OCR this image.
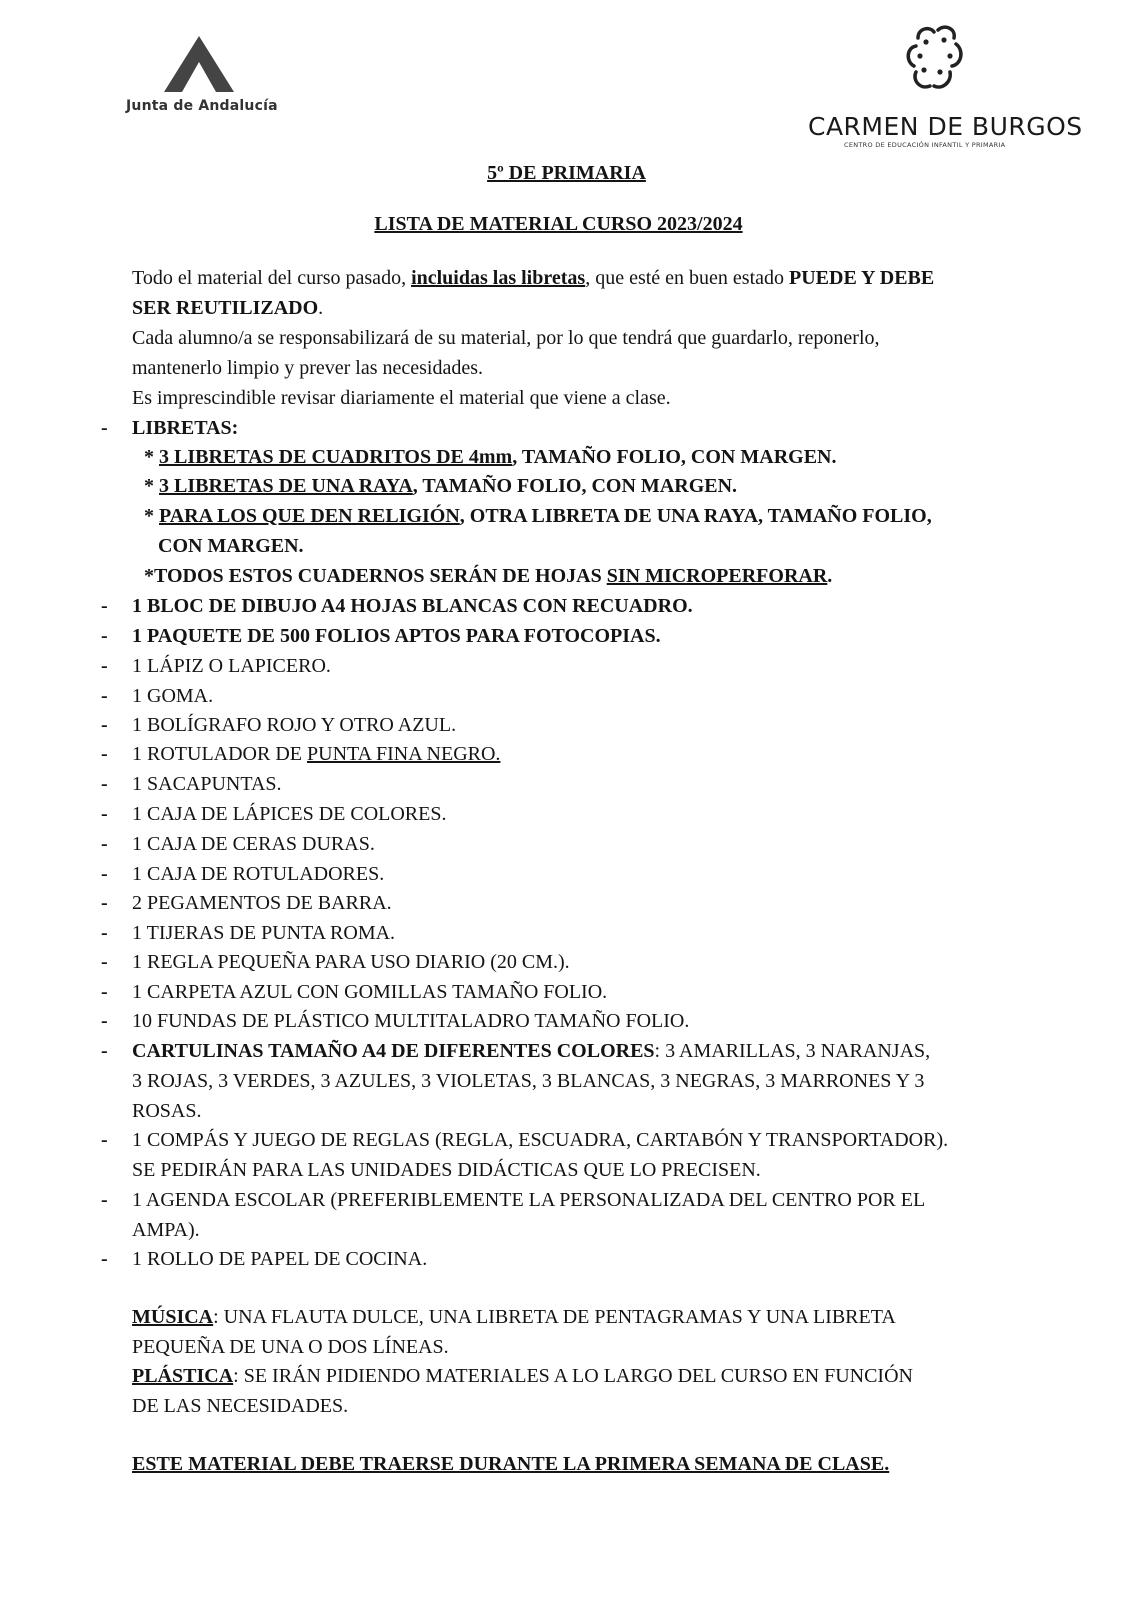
Junta de Andalucía
CARMEN DE BURGOS
CENTRO DE EDUCACIÓN INFANTIL Y PRIMARIA
5º DE PRIMARIA
LISTA DE MATERIAL CURSO 2023/2024
Todo el material del curso pasado, incluidas las libretas, que esté en buen estado PUEDE Y DEBE
SER REUTILIZADO.
Cada alumno/a se responsabilizará de su material, por lo que tendrá que guardarlo, reponerlo,
mantenerlo limpio y prever las necesidades.
Es imprescindible revisar diariamente el material que viene a clase.
- LIBRETAS:
* 3 LIBRETAS DE CUADRITOS DE 4mm, TAMAÑO FOLIO, CON MARGEN.
* 3 LIBRETAS DE UNA RAYA, TAMAÑO FOLIO, CON MARGEN.
* PARA LOS QUE DEN RELIGIÓN, OTRA LIBRETA DE UNA RAYA, TAMAÑO FOLIO,
CON MARGEN.
*TODOS ESTOS CUADERNOS SERÁN DE HOJAS SIN MICROPERFORAR.
- 1 BLOC DE DIBUJO A4 HOJAS BLANCAS CON RECUADRO.
- 1 PAQUETE DE 500 FOLIOS APTOS PARA FOTOCOPIAS.
- 1 LÁPIZ O LAPICERO.
- 1 GOMA.
- 1 BOLÍGRAFO ROJO Y OTRO AZUL.
- 1 ROTULADOR DE PUNTA FINA NEGRO.
- 1 SACAPUNTAS.
- 1 CAJA DE LÁPICES DE COLORES.
- 1 CAJA DE CERAS DURAS.
- 1 CAJA DE ROTULADORES.
- 2 PEGAMENTOS DE BARRA.
- 1 TIJERAS DE PUNTA ROMA.
- 1 REGLA PEQUEÑA PARA USO DIARIO (20 CM.).
- 1 CARPETA AZUL CON GOMILLAS TAMAÑO FOLIO.
- 10 FUNDAS DE PLÁSTICO MULTITALADRO TAMAÑO FOLIO.
- CARTULINAS TAMAÑO A4 DE DIFERENTES COLORES: 3 AMARILLAS, 3 NARANJAS,
3 ROJAS, 3 VERDES, 3 AZULES, 3 VIOLETAS, 3 BLANCAS, 3 NEGRAS, 3 MARRONES Y 3
ROSAS.
- 1 COMPÁS Y JUEGO DE REGLAS (REGLA, ESCUADRA, CARTABÓN Y TRANSPORTADOR).
SE PEDIRÁN PARA LAS UNIDADES DIDÁCTICAS QUE LO PRECISEN.
- 1 AGENDA ESCOLAR (PREFERIBLEMENTE LA PERSONALIZADA DEL CENTRO POR EL
AMPA).
- 1 ROLLO DE PAPEL DE COCINA.
MÚSICA: UNA FLAUTA DULCE, UNA LIBRETA DE PENTAGRAMAS Y UNA LIBRETA
PEQUEÑA DE UNA O DOS LÍNEAS.
PLÁSTICA: SE IRÁN PIDIENDO MATERIALES A LO LARGO DEL CURSO EN FUNCIÓN
DE LAS NECESIDADES.
ESTE MATERIAL DEBE TRAERSE DURANTE LA PRIMERA SEMANA DE CLASE.
